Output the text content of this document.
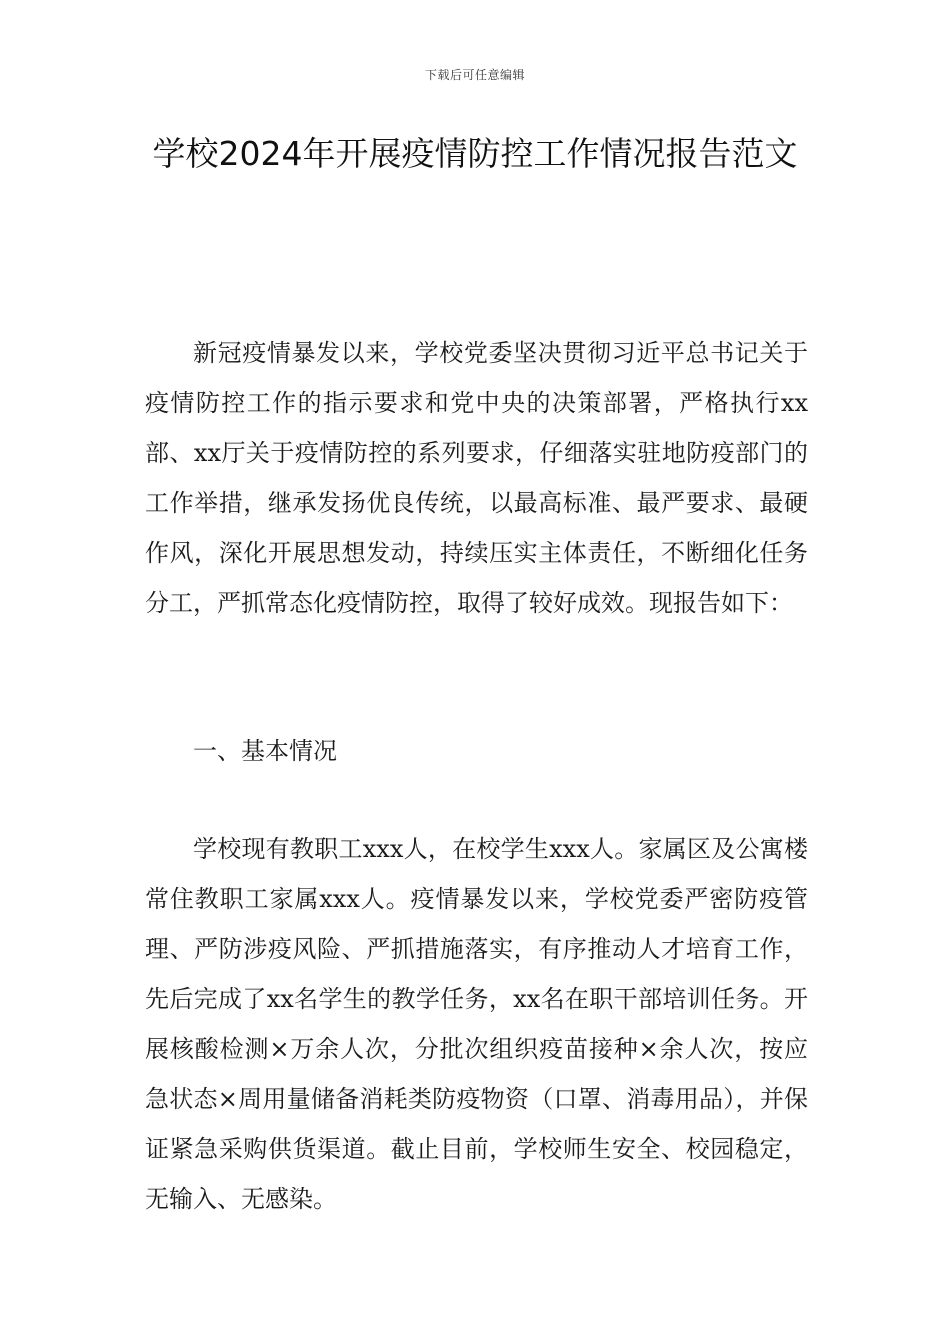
下载后可任意编辑
学校2024年开展疫情防控工作情况报告范文

新冠疫情暴发以来，学校党委坚决贯彻习近平总书记关于疫情防控工作的指示要求和党中央的决策部署，严格执行xx部、xx厅关于疫情防控的系列要求，仔细落实驻地防疫部门的工作举措，继承发扬优良传统，以最高标准、最严要求、最硬作风，深化开展思想发动，持续压实主体责任，不断细化任务分工，严抓常态化疫情防控，取得了较好成效。现报告如下：

一、基本情况

学校现有教职工xxx人，在校学生xxx人。家属区及公寓楼常住教职工家属xxx人。疫情暴发以来，学校党委严密防疫管理、严防涉疫风险、严抓措施落实，有序推动人才培育工作，先后完成了xx名学生的教学任务，xx名在职干部培训任务。开展核酸检测×万余人次，分批次组织疫苗接种×余人次，按应急状态×周用量储备消耗类防疫物资（口罩、消毒用品），并保证紧急采购供货渠道。截止目前，学校师生安全、校园稳定，无输入、无感染。
